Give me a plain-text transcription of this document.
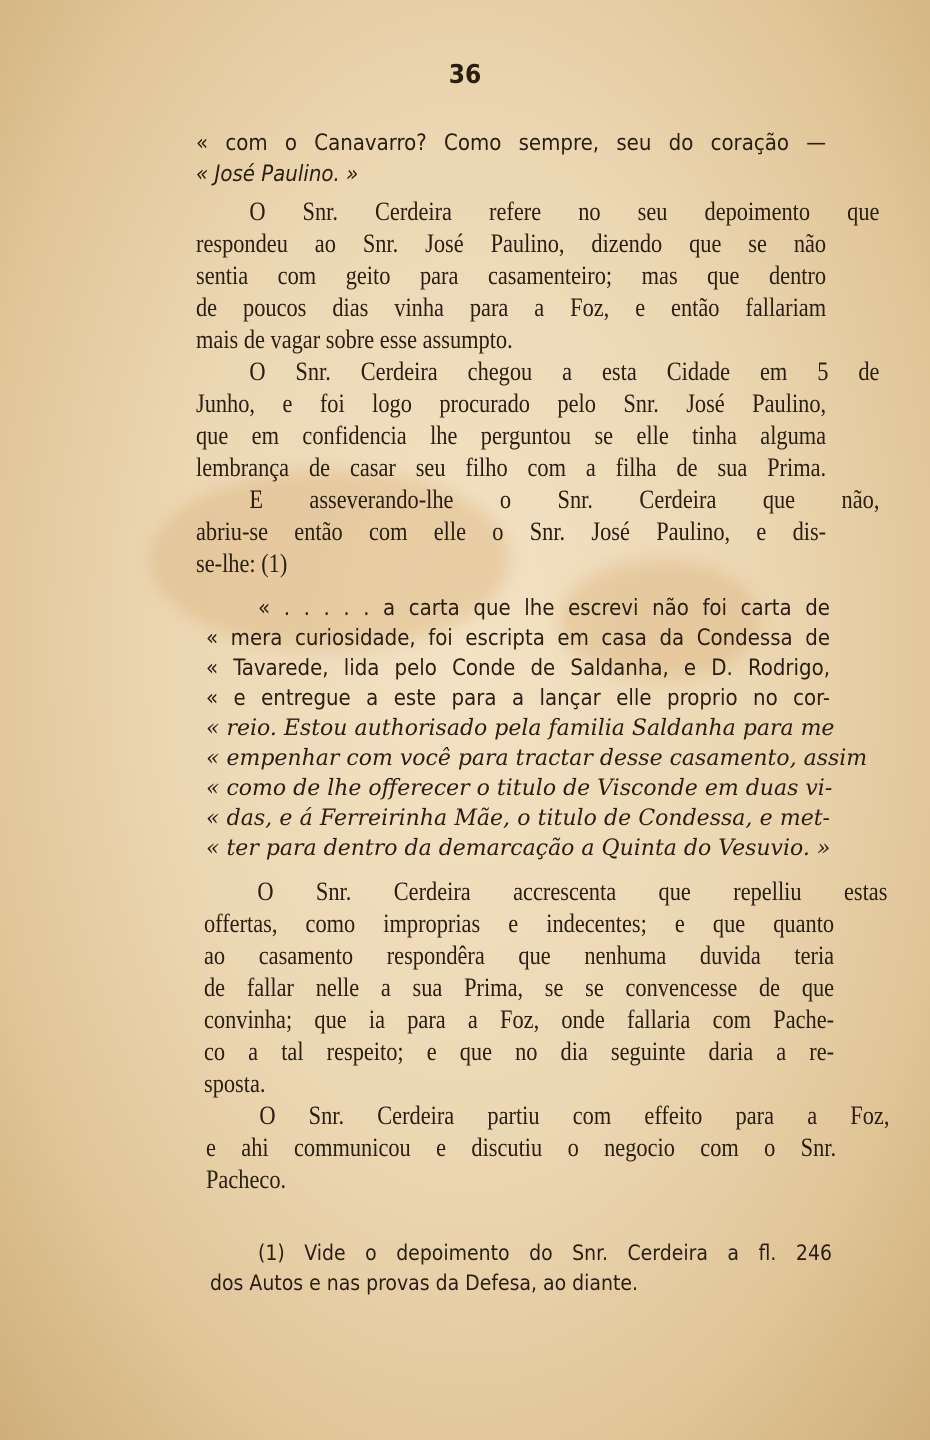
36
« com o Canavarro? Como sempre, seu do coração —
« José Paulino. »
O Snr. Cerdeira refere no seu depoimento que
respondeu ao Snr. José Paulino, dizendo que se não
sentia com geito para casamenteiro; mas que dentro
de poucos dias vinha para a Foz, e então fallariam
mais de vagar sobre esse assumpto.
O Snr. Cerdeira chegou a esta Cidade em 5 de
Junho, e foi logo procurado pelo Snr. José Paulino,
que em confidencia lhe perguntou se elle tinha alguma
lembrança de casar seu filho com a filha de sua Prima.
E asseverando-lhe o Snr. Cerdeira que não,
abriu-se então com elle o Snr. José Paulino, e dis-
se-lhe: (1)
« . . . . . a carta que lhe escrevi não foi carta de
« mera curiosidade, foi escripta em casa da Condessa de
« Tavarede, lida pelo Conde de Saldanha, e D. Rodrigo,
« e entregue a este para a lançar elle proprio no cor-
« reio. Estou authorisado pela familia Saldanha para me
« empenhar com você para tractar desse casamento, assim
« como de lhe offerecer o titulo de Visconde em duas vi-
« das, e á Ferreirinha Mãe, o titulo de Condessa, e met-
« ter para dentro da demarcação a Quinta do Vesuvio. »
O Snr. Cerdeira accrescenta que repelliu estas
offertas, como improprias e indecentes; e que quanto
ao casamento respondêra que nenhuma duvida teria
de fallar nelle a sua Prima, se se convencesse de que
convinha; que ia para a Foz, onde fallaria com Pache-
co a tal respeito; e que no dia seguinte daria a re-
sposta.
O Snr. Cerdeira partiu com effeito para a Foz,
e ahi communicou e discutiu o negocio com o Snr.
Pacheco.
(1) Vide o depoimento do Snr. Cerdeira a fl. 246
dos Autos e nas provas da Defesa, ao diante.
